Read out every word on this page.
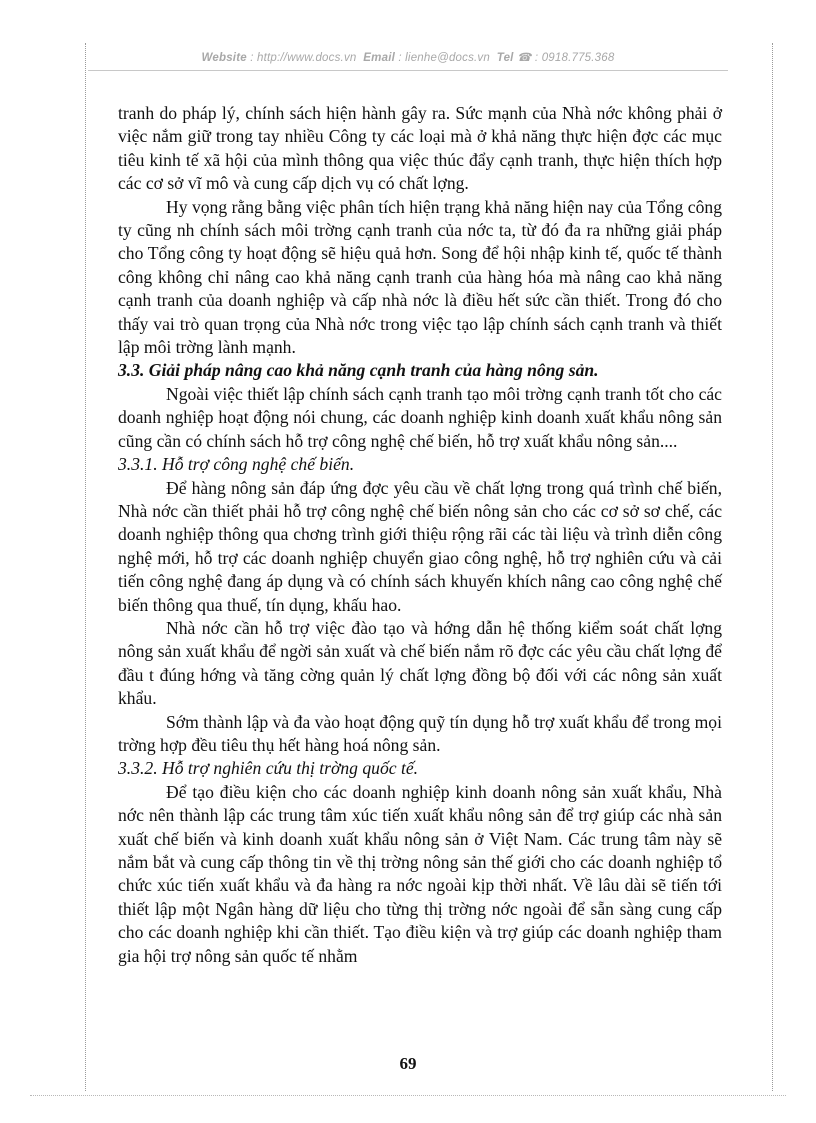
Website : http://www.docs.vn Email : lienhe@docs.vn Tel ☎ : 0918.775.368

tranh do pháp lý, chính sách hiện hành gây ra. Sức mạnh của Nhà nớc không phải ở việc nắm giữ trong tay nhiều Công ty các loại mà ở khả năng thực hiện đợc các mục tiêu kinh tế xã hội của mình thông qua việc thúc đẩy cạnh tranh, thực hiện thích hợp các cơ sở vĩ mô và cung cấp dịch vụ có chất lợng.

Hy vọng rằng bằng việc phân tích hiện trạng khả năng hiện nay của Tổng công ty cũng nh chính sách môi trờng cạnh tranh của nớc ta, từ đó đa ra những giải pháp cho Tổng công ty hoạt động sẽ hiệu quả hơn. Song để hội nhập kinh tế, quốc tế thành công không chỉ nâng cao khả năng cạnh tranh của hàng hóa mà nâng cao khả năng cạnh tranh của doanh nghiệp và cấp nhà nớc là điều hết sức cần thiết. Trong đó cho thấy vai trò quan trọng của Nhà nớc trong việc tạo lập chính sách cạnh tranh và thiết lập môi trờng lành mạnh.

3.3. Giải pháp nâng cao khả năng cạnh tranh của hàng nông sản.

Ngoài việc thiết lập chính sách cạnh tranh tạo môi trờng cạnh tranh tốt cho các doanh nghiệp hoạt động nói chung, các doanh nghiệp kinh doanh xuất khẩu nông sản cũng cần có chính sách hỗ trợ công nghệ chế biến, hỗ trợ xuất khẩu nông sản....

3.3.1. Hỗ trợ công nghệ chế biến.

Để hàng nông sản đáp ứng đợc yêu cầu về chất lợng trong quá trình chế biến, Nhà nớc cần thiết phải hỗ trợ công nghệ chế biến nông sản cho các cơ sở sơ chế, các doanh nghiệp thông qua chơng trình giới thiệu rộng rãi các tài liệu và trình diễn công nghệ mới, hỗ trợ các doanh nghiệp chuyển giao công nghệ, hỗ trợ nghiên cứu và cải tiến công nghệ đang áp dụng và có chính sách khuyến khích nâng cao công nghệ chế biến thông qua thuế, tín dụng, khấu hao.

Nhà nớc cần hỗ trợ việc đào tạo và hớng dẫn hệ thống kiểm soát chất lợng nông sản xuất khẩu để ngời sản xuất và chế biến nắm rõ đợc các yêu cầu chất lợng để đầu t đúng hớng và tăng cờng quản lý chất lợng đồng bộ đối với các nông sản xuất khẩu.

Sớm thành lập và đa vào hoạt động quỹ tín dụng hỗ trợ xuất khẩu để trong mọi trờng hợp đều tiêu thụ hết hàng hoá nông sản.

3.3.2. Hỗ trợ nghiên cứu thị trờng quốc tế.

Để tạo điều kiện cho các doanh nghiệp kinh doanh nông sản xuất khẩu, Nhà nớc nên thành lập các trung tâm xúc tiến xuất khẩu nông sản để trợ giúp các nhà sản xuất chế biến và kinh doanh xuất khẩu nông sản ở Việt Nam. Các trung tâm này sẽ nắm bắt và cung cấp thông tin về thị trờng nông sản thế giới cho các doanh nghiệp tổ chức xúc tiến xuất khẩu và đa hàng ra nớc ngoài kịp thời nhất. Về lâu dài sẽ tiến tới thiết lập một Ngân hàng dữ liệu cho từng thị trờng nớc ngoài để sẵn sàng cung cấp cho các doanh nghiệp khi cần thiết. Tạo điều kiện và trợ giúp các doanh nghiệp tham gia hội trợ nông sản quốc tế nhằm

69
